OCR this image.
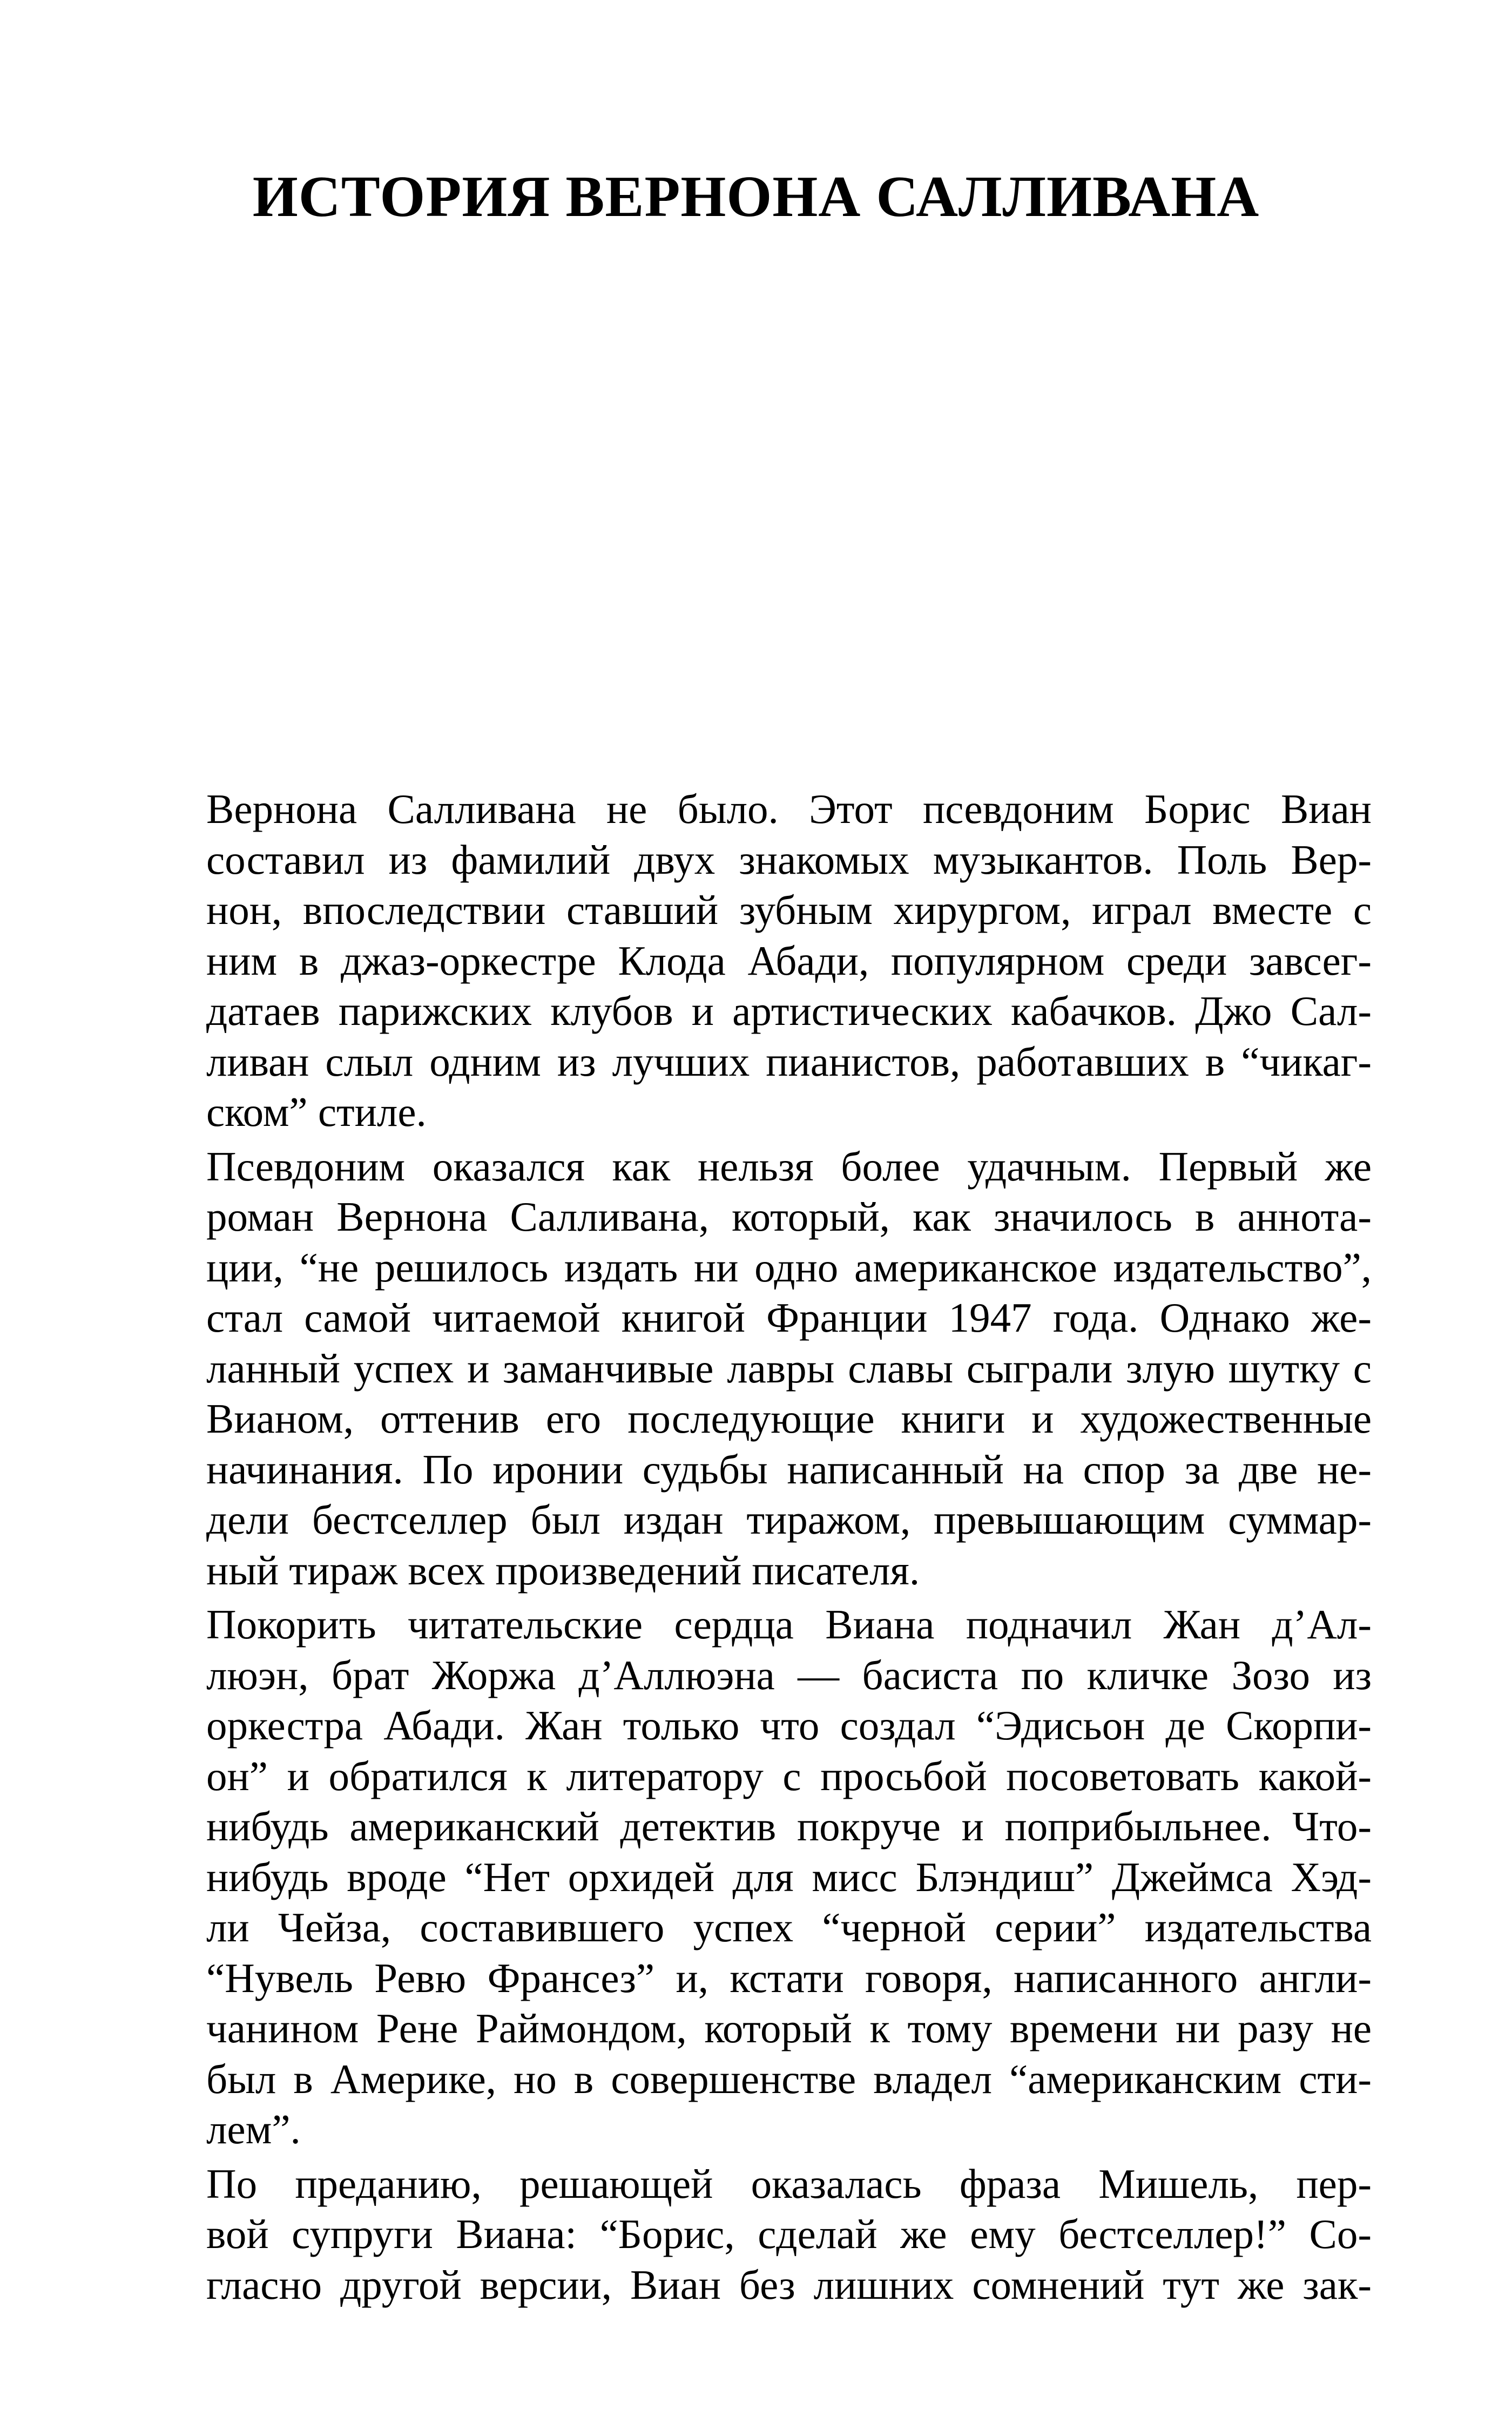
ИСТОРИЯ ВЕРНОНА САЛЛИВАНА
Вернона Салливана не было. Этот псевдоним Борис Виан
составил из фамилий двух знакомых музыкантов. Поль Вер-
нон, впоследствии ставший зубным хирургом, играл вместе с
ним в джаз-оркестре Клода Абади, популярном среди завсег-
датаев парижских клубов и артистических кабачков. Джо Сал-
ливан слыл одним из лучших пианистов, работавших в “чикаг-
ском” стиле.
Псевдоним оказался как нельзя более удачным. Первый же
роман Вернона Салливана, который, как значилось в аннота-
ции, “не решилось издать ни одно американское издательство”,
стал самой читаемой книгой Франции 1947 года. Однако же-
ланный успех и заманчивые лавры славы сыграли злую шутку с
Вианом, оттенив его последующие книги и художественные
начинания. По иронии судьбы написанный на спор за две не-
дели бестселлер был издан тиражом, превышающим суммар-
ный тираж всех произведений писателя.
Покорить читательские сердца Виана подначил Жан д’Ал-
люэн, брат Жоржа д’Аллюэна — басиста по кличке Зозо из
оркестра Абади. Жан только что создал “Эдисьон де Скорпи-
он” и обратился к литератору с просьбой посоветовать какой-
нибудь американский детектив покруче и поприбыльнее. Что-
нибудь вроде “Нет орхидей для мисс Блэндиш” Джеймса Хэд-
ли Чейза, составившего успех “черной серии” издательства
“Нувель Ревю Франсез” и, кстати говоря, написанного англи-
чанином Рене Раймондом, который к тому времени ни разу не
был в Америке, но в совершенстве владел “американским сти-
лем”.
По преданию, решающей оказалась фраза Мишель, пер-
вой супруги Виана: “Борис, сделай же ему бестселлер!” Со-
гласно другой версии, Виан без лишних сомнений тут же зак-
